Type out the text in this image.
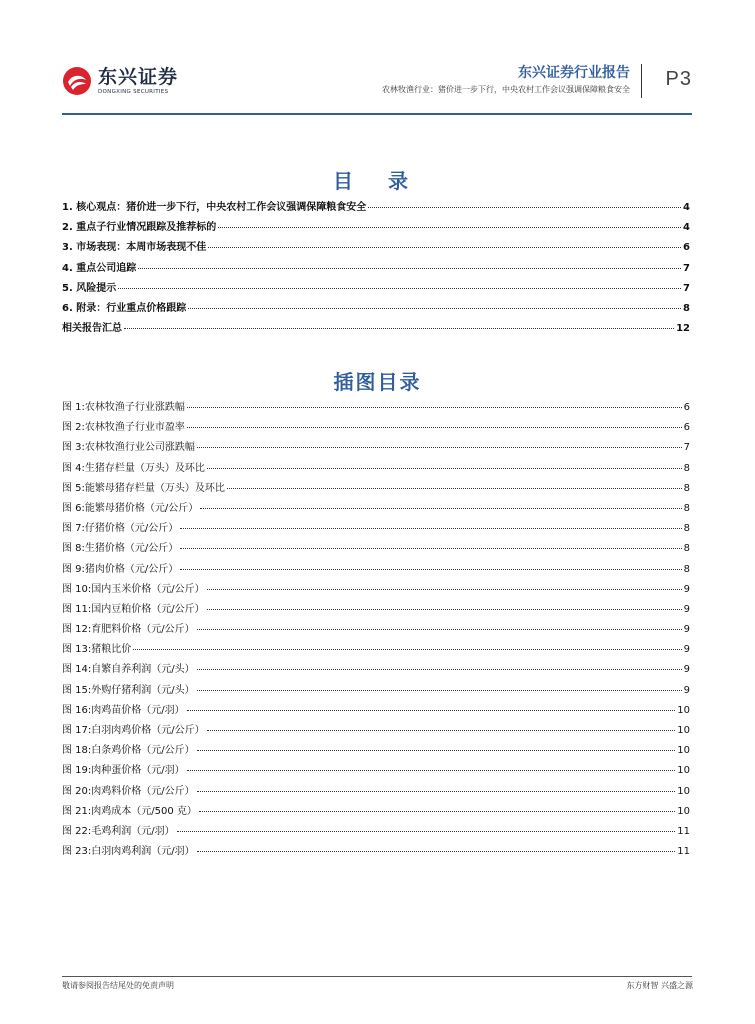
东兴证券
DONGXING SECURITIES
东兴证券行业报告
农林牧渔行业：猪价进一步下行，中央农村工作会议强调保障粮食安全 P3
目 录
1. 核心观点：猪价进一步下行，中央农村工作会议强调保障粮食安全	4
2. 重点子行业情况跟踪及推荐标的	4
3. 市场表现：本周市场表现不佳	6
4. 重点公司追踪	7
5. 风险提示	7
6. 附录：行业重点价格跟踪	8
相关报告汇总	12
插图目录
图 1:农林牧渔子行业涨跌幅	6
图 2:农林牧渔子行业市盈率	6
图 3:农林牧渔行业公司涨跌幅	7
图 4:生猪存栏量（万头）及环比	8
图 5:能繁母猪存栏量（万头）及环比	8
图 6:能繁母猪价格（元/公斤）	8
图 7:仔猪价格（元/公斤）	8
图 8:生猪价格（元/公斤）	8
图 9:猪肉价格（元/公斤）	8
图 10:国内玉米价格（元/公斤）	9
图 11:国内豆粕价格（元/公斤）	9
图 12:育肥料价格（元/公斤）	9
图 13:猪粮比价	9
图 14:自繁自养利润（元/头）	9
图 15:外购仔猪利润（元/头）	9
图 16:肉鸡苗价格（元/羽）	10
图 17:白羽肉鸡价格（元/公斤）	10
图 18:白条鸡价格（元/公斤）	10
图 19:肉种蛋价格（元/羽）	10
图 20:肉鸡料价格（元/公斤）	10
图 21:肉鸡成本（元/500 克）	10
图 22:毛鸡利润（元/羽）	11
图 23:白羽肉鸡利润（元/羽）	11
敬请参阅报告结尾处的免责声明	东方财智 兴盛之源
